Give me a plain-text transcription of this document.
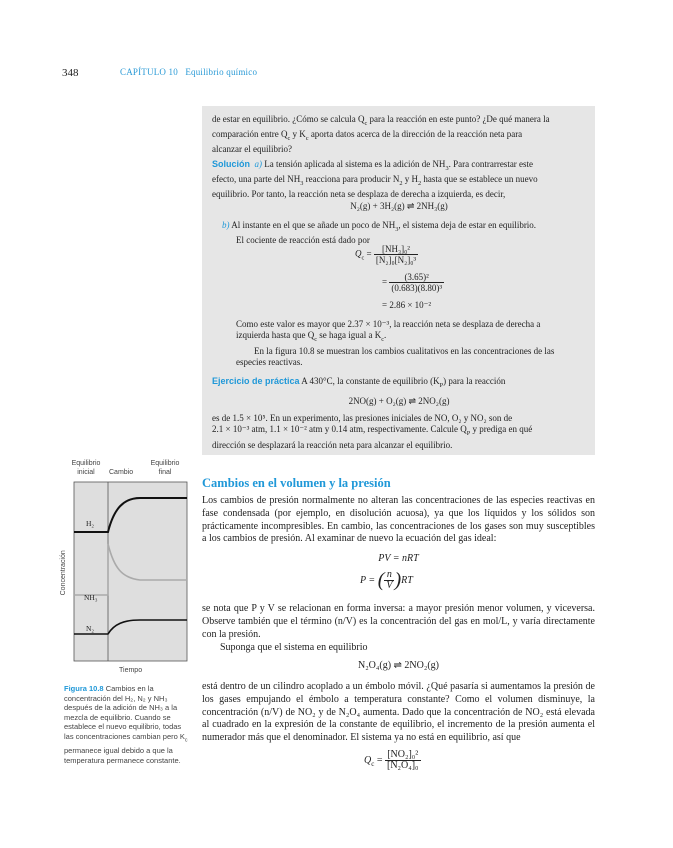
348	CAPÍTULO 10 Equilibrio químico
de estar en equilibrio. ¿Cómo se calcula $Q_c$ para la reacción en este punto? ¿De qué manera la
comparación entre $Q_c$ y $K_c$ aporta datos acerca de la dirección de la reacción neta para
alcanzar el equilibrio?
Solución a) La tensión aplicada al sistema es la adición de $NH_3$. Para contrarrestar este
efecto, una parte del $NH_3$ reacciona para producir $N_2$ y $H_2$ hasta que se establece un nuevo
equilibrio. Por tanto, la reacción neta se desplaza de derecha a izquierda, es decir,
N₂(g) + 3H₂(g) ⇌ 2NH₃(g)
b) Al instante en el que se añade un poco de $NH_3$, el sistema deja de estar en equilibrio.
El cociente de reacción está dado por
$Q_c = \frac{\text{[NH₃]₀²}}{\text{[N₂]₀[N₂]₀³}}$
= $\frac{\text{(3.65)²}}{\text{(0.683)(8.80)³}}$
= 2.86 × 10⁻²
Como este valor es mayor que 2.37 × 10⁻³, la reacción neta se desplaza de derecha a
izquierda hasta que $Q_c$ se haga igual a $K_c$.
En la figura 10.8 se muestran los cambios cualitativos en las concentraciones de las
especies reactivas.
Ejercicio de práctica A 430°C, la constante de equilibrio $(K_P)$ para la reacción
2NO(g) + O₂(g) ⇌ 2NO₂(g)
es de 1.5 × 10⁵. En un experimento, las presiones iniciales de NO, O₂ y NO₂ son de
2.1 × 10⁻³ atm, 1.1 × 10⁻² atm y 0.14 atm, respectivamente. Calcule $Q_P$ y prediga en qué
dirección se desplazará la reacción neta para alcanzar el equilibrio.
Equilibrio inicial	Cambio
Equilibrio final
H₂
NH₃
N₂
Concentración
Tiempo
Figura 10.8 Cambios en la concentración del H₂, N₂ y NH₃ después de la adición de NH₃ a la mezcla de equilibrio. Cuando se establece el nuevo equilibrio, todas las concentraciones cambian pero $K_c$ permanece igual debido a que la temperatura permanece constante.
Cambios en el volumen y la presión
Los cambios de presión normalmente no alteran las concentraciones de las especies reactivas en fase condensada (por ejemplo, en disolución acuosa), ya que los líquidos y los sólidos son prácticamente incompresibles. En cambio, las concentraciones de los gases son muy susceptibles a los cambios de presión. Al examinar de nuevo la ecuación del gas ideal:
PV = nRT
P = ( $\frac{n}{V} )RT$
se nota que P y V se relacionan en forma inversa: a mayor presión menor volumen, y viceversa. Observe también que el término (n/V) es la concentración del gas en mol/L, y varía directamente con la presión.
Suponga que el sistema en equilibrio
N₂O₄(g) ⇌ 2NO₂(g)
está dentro de un cilindro acoplado a un émbolo móvil. ¿Qué pasaría si aumentamos la presión de los gases empujando el émbolo a temperatura constante? Como el volumen disminuye, la concentración (n/V) de NO₂ y de N₂O₄ aumenta. Dado que la concentración de NO₂ está elevada al cuadrado en la expresión de la constante de equilibrio, el incremento de la presión aumenta el numerador más que el denominador. El sistema ya no está en equilibrio, así que
$Q_c = \frac{\text{[NO₂]₀²}}{\text{[N₂O₄]₀}}$
